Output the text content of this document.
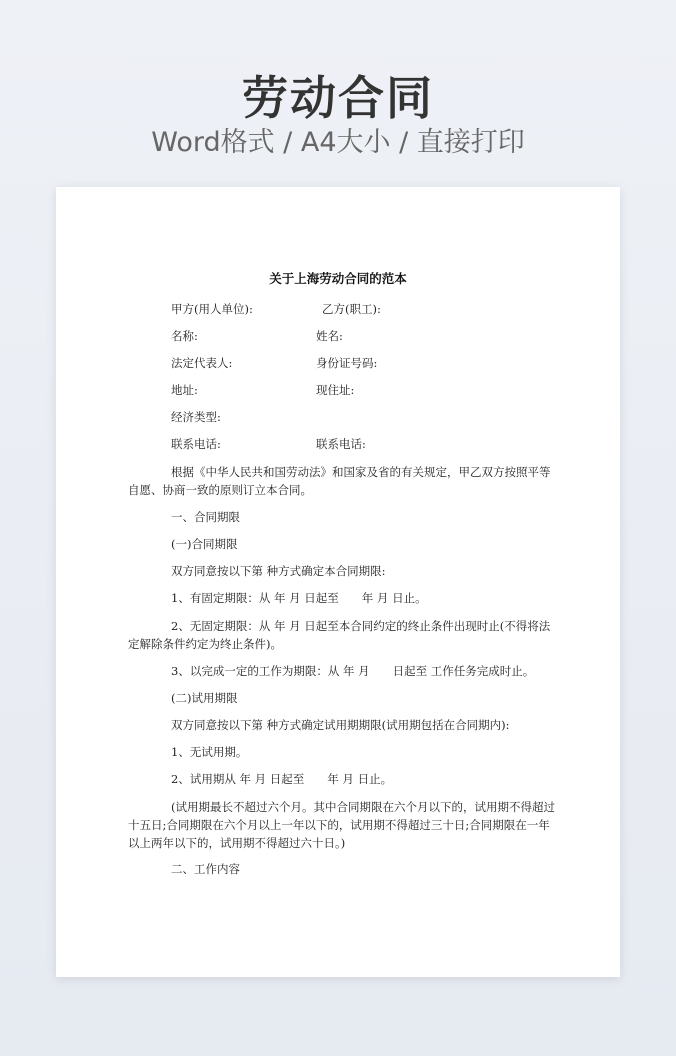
劳动合同
Word格式 / A4大小 / 直接打印
关于上海劳动合同的范本
甲方(用人单位):	乙方(职工):
名称:	姓名:
法定代表人:	身份证号码:
地址:	现住址:
经济类型:
联系电话:	联系电话:
根据《中华人民共和国劳动法》和国家及省的有关规定，甲乙双方按照平等自愿、协商一致的原则订立本合同。
一、合同期限
(一)合同期限
双方同意按以下第 种方式确定本合同期限:
1、有固定期限：从 年 月 日起至　　年 月 日止。
2、无固定期限：从 年 月 日起至本合同约定的终止条件出现时止(不得将法定解除条件约定为终止条件)。
3、以完成一定的工作为期限：从 年 月　　日起至 工作任务完成时止。
(二)试用期限
双方同意按以下第 种方式确定试用期期限(试用期包括在合同期内):
1、无试用期。
2、试用期从 年 月 日起至　　年 月 日止。
(试用期最长不超过六个月。其中合同期限在六个月以下的，试用期不得超过十五日;合同期限在六个月以上一年以下的，试用期不得超过三十日;合同期限在一年以上两年以下的，试用期不得超过六十日。)
二、工作内容
